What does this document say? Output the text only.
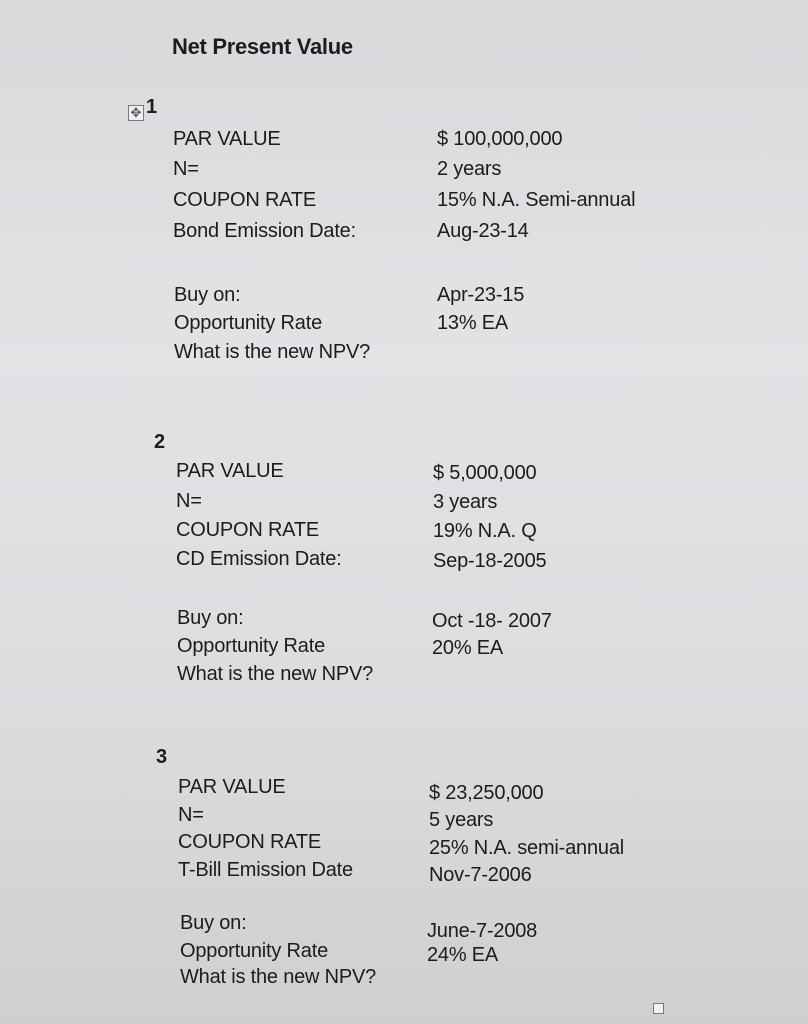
Net Present Value
✥ 1
PAR VALUE	$ 100,000,000
N=	2 years
COUPON RATE	15% N.A. Semi-annual
Bond Emission Date:	Aug-23-14
Buy on:	Apr-23-15
Opportunity Rate	13% EA
What is the new NPV?
2
PAR VALUE	$ 5,000,000
N=	3 years
COUPON RATE	19% N.A. Q
CD Emission Date:	Sep-18-2005
Buy on:	Oct -18- 2007
Opportunity Rate	20% EA
What is the new NPV?
3
PAR VALUE	$ 23,250,000
N=	5 years
COUPON RATE	25% N.A. semi-annual
T-Bill Emission Date	Nov-7-2006
Buy on:	June-7-2008
Opportunity Rate	24% EA
What is the new NPV?
